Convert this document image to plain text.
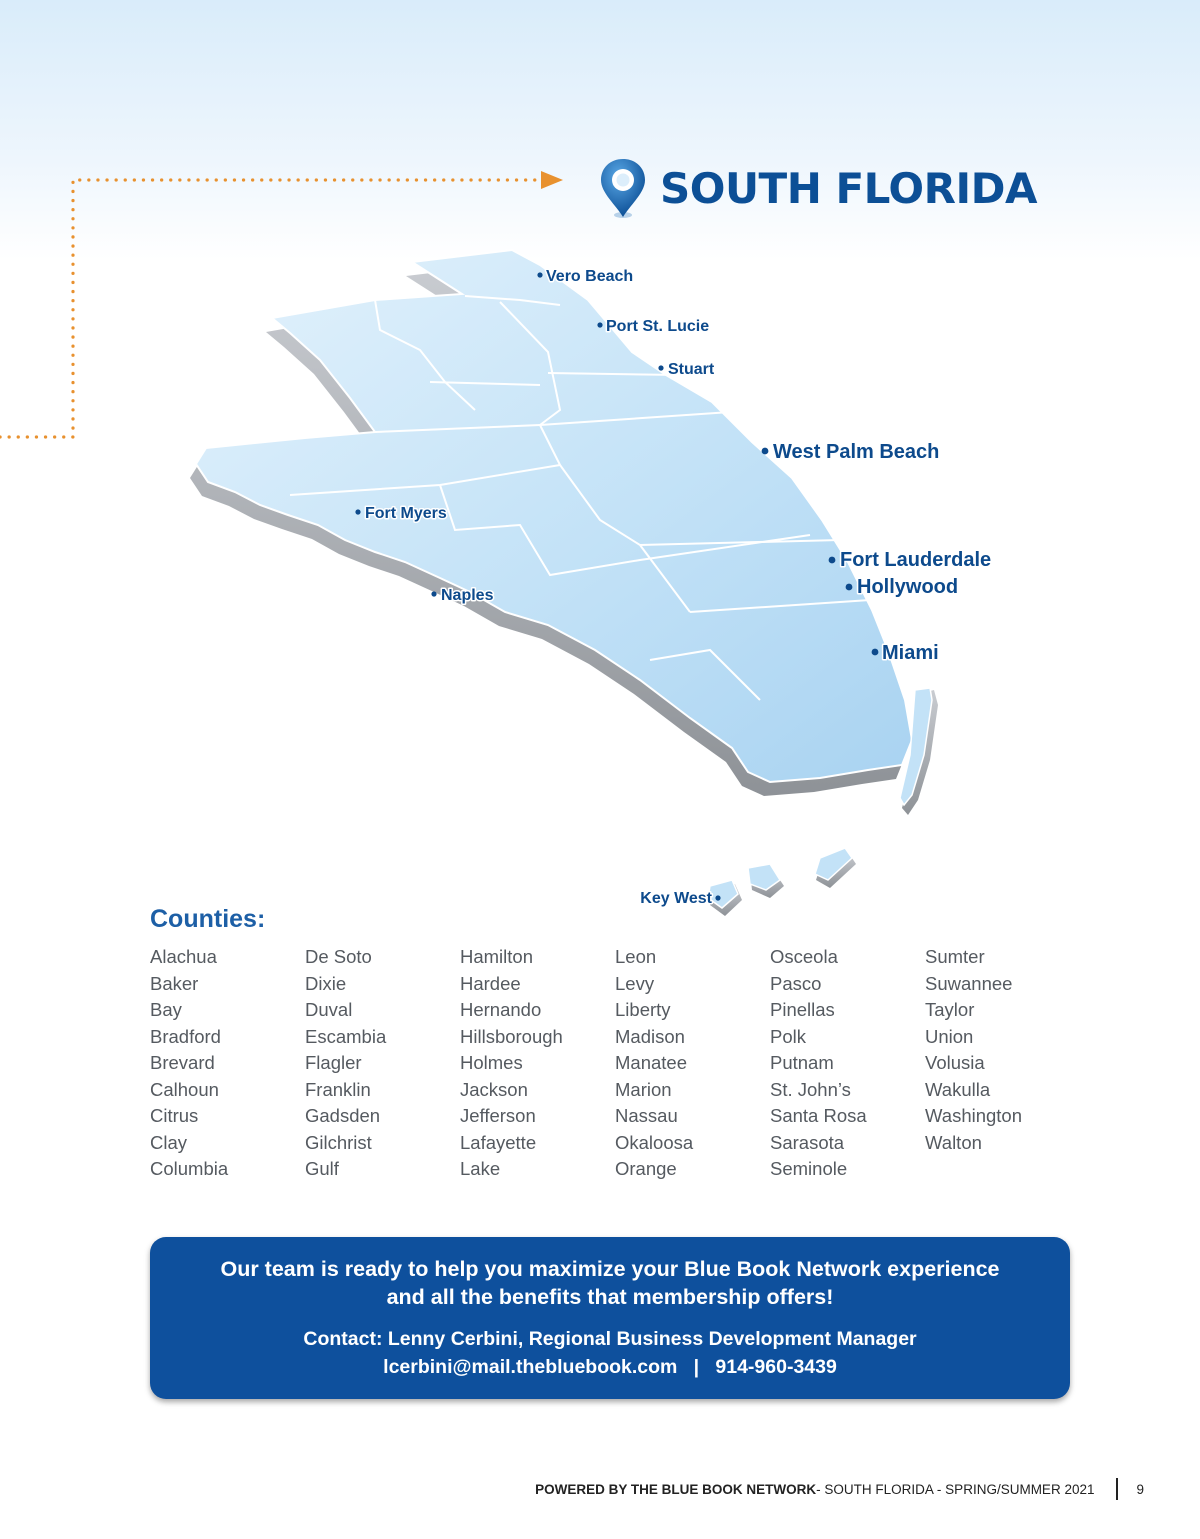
SOUTH FLORIDA
Vero Beach
Port St. Lucie
Stuart
West Palm Beach
Fort Myers
Fort Lauderdale
Hollywood
Naples
Miami
Key West
Counties:
Alachua
Baker
Bay
Bradford
Brevard
Calhoun
Citrus
Clay
Columbia
De Soto
Dixie
Duval
Escambia
Flagler
Franklin
Gadsden
Gilchrist
Gulf
Hamilton
Hardee
Hernando
Hillsborough
Holmes
Jackson
Jefferson
Lafayette
Lake
Leon
Levy
Liberty
Madison
Manatee
Marion
Nassau
Okaloosa
Orange
Osceola
Pasco
Pinellas
Polk
Putnam
St. John’s
Santa Rosa
Sarasota
Seminole
Sumter
Suwannee
Taylor
Union
Volusia
Wakulla
Washington
Walton
Our team is ready to help you maximize your Blue Book Network experience
and all the benefits that membership offers!
Contact: Lenny Cerbini, Regional Business Development Manager
lcerbini@mail.thebluebook.com | 914-960-3439
POWERED BY THE BLUE BOOK NETWORK - SOUTH FLORIDA - SPRING/SUMMER 2021	9
